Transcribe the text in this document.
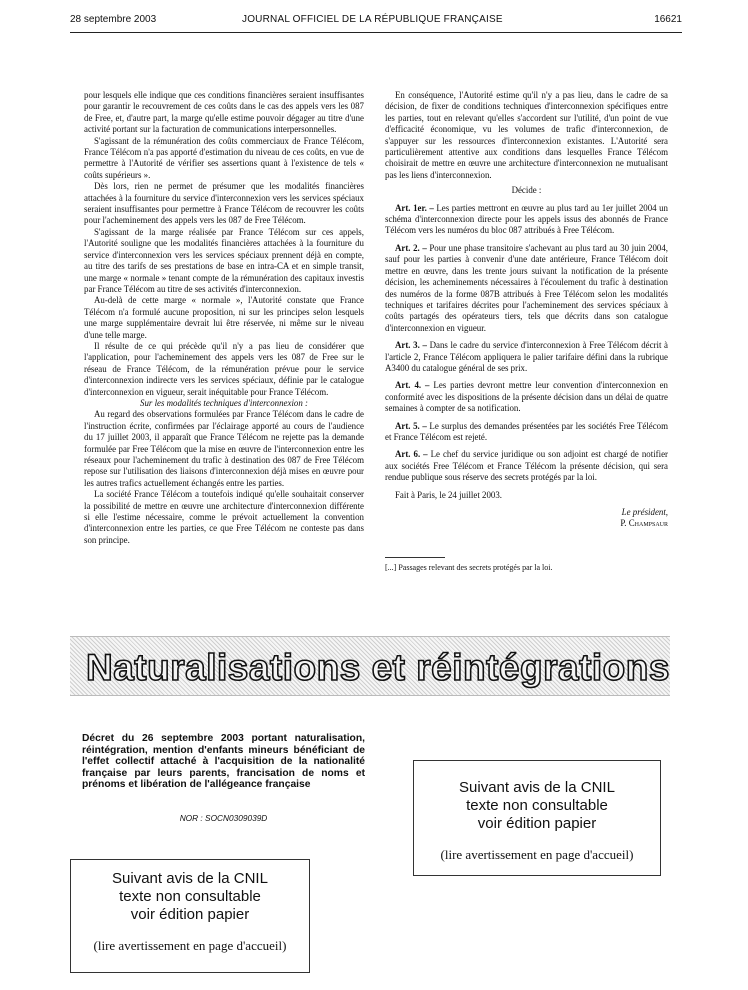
28 septembre 2003	JOURNAL OFFICIEL DE LA RÉPUBLIQUE FRANÇAISE	16621

pour lesquels elle indique que ces conditions financières seraient insuffisantes pour garantir le recouvrement de ces coûts dans le cas des appels vers les 087 de Free, et, d'autre part, la marge qu'elle estime pouvoir dégager au titre d'une activité portant sur la facturation de communications interpersonnelles.

S'agissant de la rémunération des coûts commerciaux de France Télécom, France Télécom n'a pas apporté d'estimation du niveau de ces coûts, en vue de permettre à l'Autorité de vérifier ses assertions quant à l'existence de tels « coûts supérieurs ».

Dès lors, rien ne permet de présumer que les modalités financières attachées à la fourniture du service d'interconnexion vers les services spéciaux seraient insuffisantes pour permettre à France Télécom de recouvrer les coûts pour l'acheminement des appels vers les 087 de Free Télécom.

S'agissant de la marge réalisée par France Télécom sur ces appels, l'Autorité souligne que les modalités financières attachées à la fourniture du service d'interconnexion vers les services spéciaux prennent déjà en compte, au titre des tarifs de ses prestations de base en intra-CA et en simple transit, une marge « normale » tenant compte de la rémunération des capitaux investis par France Télécom au titre de ses activités d'interconnexion.

Au-delà de cette marge « normale », l'Autorité constate que France Télécom n'a formulé aucune proposition, ni sur les principes selon lesquels une marge supplémentaire devrait lui être réservée, ni même sur le niveau d'une telle marge.

Il résulte de ce qui précède qu'il n'y a pas lieu de considérer que l'application, pour l'acheminement des appels vers les 087 de Free sur le réseau de France Télécom, de la rémunération prévue pour le service d'interconnexion indirecte vers les services spéciaux, définie par le catalogue d'interconnexion en vigueur, serait inéquitable pour France Télécom.

Sur les modalités techniques d'interconnexion :

Au regard des observations formulées par France Télécom dans le cadre de l'instruction écrite, confirmées par l'éclairage apporté au cours de l'audience du 17 juillet 2003, il apparaît que France Télécom ne rejette pas la demande formulée par Free Télécom que la mise en œuvre de l'interconnexion entre les réseaux pour l'acheminement du trafic à destination des 087 de Free Télécom repose sur l'utilisation des liaisons d'interconnexion déjà mises en œuvre pour les autres trafics actuellement échangés entre les parties.

La société France Télécom a toutefois indiqué qu'elle souhaitait conserver la possibilité de mettre en œuvre une architecture d'interconnexion différente si elle l'estime nécessaire, comme le prévoit actuellement la convention d'interconnexion entre les parties, ce que Free Télécom ne conteste pas dans son principe.

En conséquence, l'Autorité estime qu'il n'y a pas lieu, dans le cadre de sa décision, de fixer de conditions techniques d'interconnexion spécifiques entre les parties, tout en relevant qu'elles s'accordent sur l'utilité, d'un point de vue d'efficacité économique, vu les volumes de trafic d'interconnexion, de s'appuyer sur les ressources d'interconnexion existantes. L'Autorité sera particulièrement attentive aux conditions dans lesquelles France Télécom choisirait de mettre en œuvre une architecture d'interconnexion ne mutualisant pas les liens d'interconnexion.

Décide :

Art. 1er. – Les parties mettront en œuvre au plus tard au 1er juillet 2004 un schéma d'interconnexion directe pour les appels issus des abonnés de France Télécom vers les numéros du bloc 087 attribués à Free Télécom.

Art. 2. – Pour une phase transitoire s'achevant au plus tard au 30 juin 2004, sauf pour les parties à convenir d'une date antérieure, France Télécom doit mettre en œuvre, dans les trente jours suivant la notification de la présente décision, les acheminements nécessaires à l'écoulement du trafic à destination des numéros de la forme 087B attribués à Free Télécom selon les modalités techniques et tarifaires décrites pour l'acheminement des services spéciaux à coûts partagés des opérateurs tiers, tels que décrits dans son catalogue d'interconnexion en vigueur.

Art. 3. – Dans le cadre du service d'interconnexion à Free Télécom décrit à l'article 2, France Télécom appliquera le palier tarifaire défini dans la rubrique A3400 du catalogue général de ses prix.

Art. 4. – Les parties devront mettre leur convention d'interconnexion en conformité avec les dispositions de la présente décision dans un délai de quatre semaines à compter de sa notification.

Art. 5. – Le surplus des demandes présentées par les sociétés Free Télécom et France Télécom est rejeté.

Art. 6. – Le chef du service juridique ou son adjoint est chargé de notifier aux sociétés Free Télécom et France Télécom la présente décision, qui sera rendue publique sous réserve des secrets protégés par la loi.

Fait à Paris, le 24 juillet 2003.

Le président,
P. Champsaur
[...] Passages relevant des secrets protégés par la loi.
Naturalisations et réintégrations
Décret du 26 septembre 2003 portant naturalisation, réintégration, mention d'enfants mineurs bénéficiant de l'effet collectif attaché à l'acquisition de la nationalité française par leurs parents, francisation de noms et prénoms et libération de l'allégeance française
NOR : SOCN0309039D
Suivant avis de la CNIL
texte non consultable
voir édition papier
(lire avertissement en page d'accueil)
Suivant avis de la CNIL
texte non consultable
voir édition papier
(lire avertissement en page d'accueil)
